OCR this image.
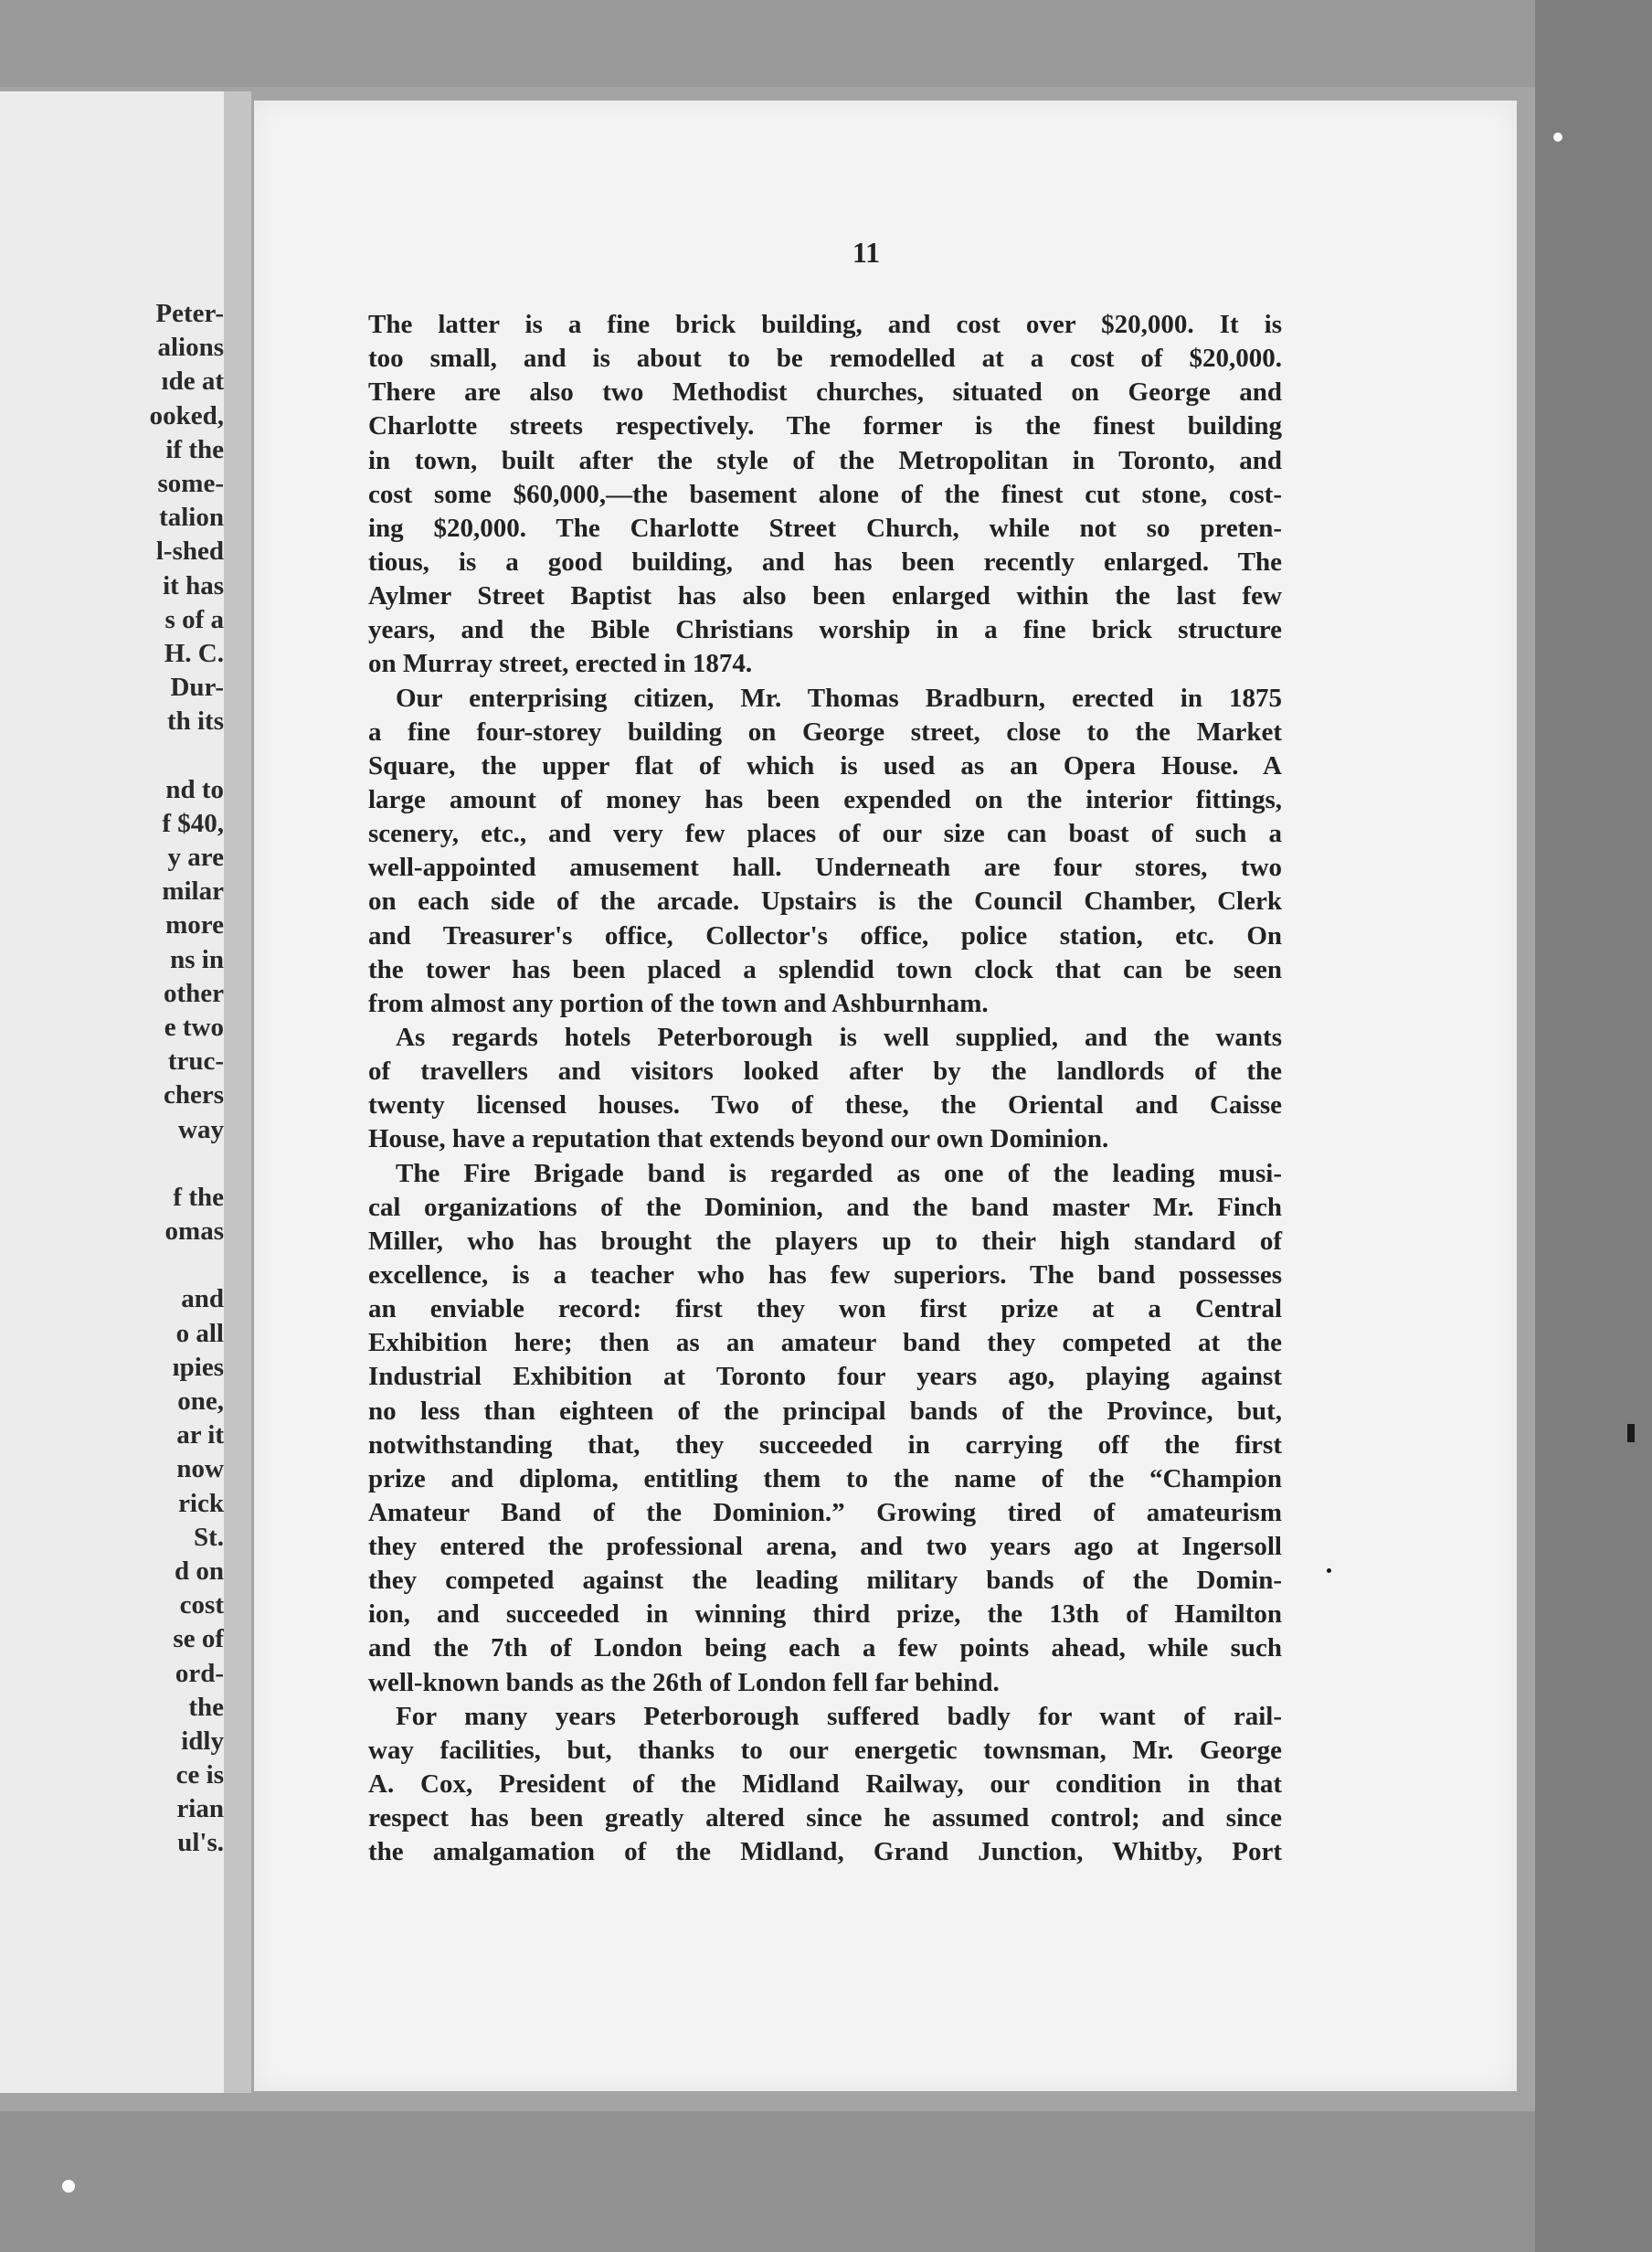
Peter-
alions
ıde at
ooked,
if the
some-
talion
l-shed
it has
s of a
H. C.
Dur-
th its
nd to
f $40,
y are
milar
more
ns in
other
e two
truc-
chers
way
f the
omas
and
o all
ıpies
one,
ar it
now
rick
St.
d on
cost
se of
ord-
the
idly
ce is
rian
ul's.
11
The latter is a fine brick building, and cost over $20,000. It is
too small, and is about to be remodelled at a cost of $20,000.
There are also two Methodist churches, situated on George and
Charlotte streets respectively. The former is the finest building
in town, built after the style of the Metropolitan in Toronto, and
cost some $60,000,—the basement alone of the finest cut stone, cost-
ing $20,000. The Charlotte Street Church, while not so preten-
tious, is a good building, and has been recently enlarged. The
Aylmer Street Baptist has also been enlarged within the last few
years, and the Bible Christians worship in a fine brick structure
on Murray street, erected in 1874.
Our enterprising citizen, Mr. Thomas Bradburn, erected in 1875
a fine four-storey building on George street, close to the Market
Square, the upper flat of which is used as an Opera House. A
large amount of money has been expended on the interior fittings,
scenery, etc., and very few places of our size can boast of such a
well-appointed amusement hall. Underneath are four stores, two
on each side of the arcade. Upstairs is the Council Chamber, Clerk
and Treasurer's office, Collector's office, police station, etc. On
the tower has been placed a splendid town clock that can be seen
from almost any portion of the town and Ashburnham.
As regards hotels Peterborough is well supplied, and the wants
of travellers and visitors looked after by the landlords of the
twenty licensed houses. Two of these, the Oriental and Caisse
House, have a reputation that extends beyond our own Dominion.
The Fire Brigade band is regarded as one of the leading musi-
cal organizations of the Dominion, and the band master Mr. Finch
Miller, who has brought the players up to their high standard of
excellence, is a teacher who has few superiors. The band possesses
an enviable record: first they won first prize at a Central
Exhibition here; then as an amateur band they competed at the
Industrial Exhibition at Toronto four years ago, playing against
no less than eighteen of the principal bands of the Province, but,
notwithstanding that, they succeeded in carrying off the first
prize and diploma, entitling them to the name of the “Champion
Amateur Band of the Dominion.” Growing tired of amateurism
they entered the professional arena, and two years ago at Ingersoll
they competed against the leading military bands of the Domin-
ion, and succeeded in winning third prize, the 13th of Hamilton
and the 7th of London being each a few points ahead, while such
well-known bands as the 26th of London fell far behind.
For many years Peterborough suffered badly for want of rail-
way facilities, but, thanks to our energetic townsman, Mr. George
A. Cox, President of the Midland Railway, our condition in that
respect has been greatly altered since he assumed control; and since
the amalgamation of the Midland, Grand Junction, Whitby, Port
